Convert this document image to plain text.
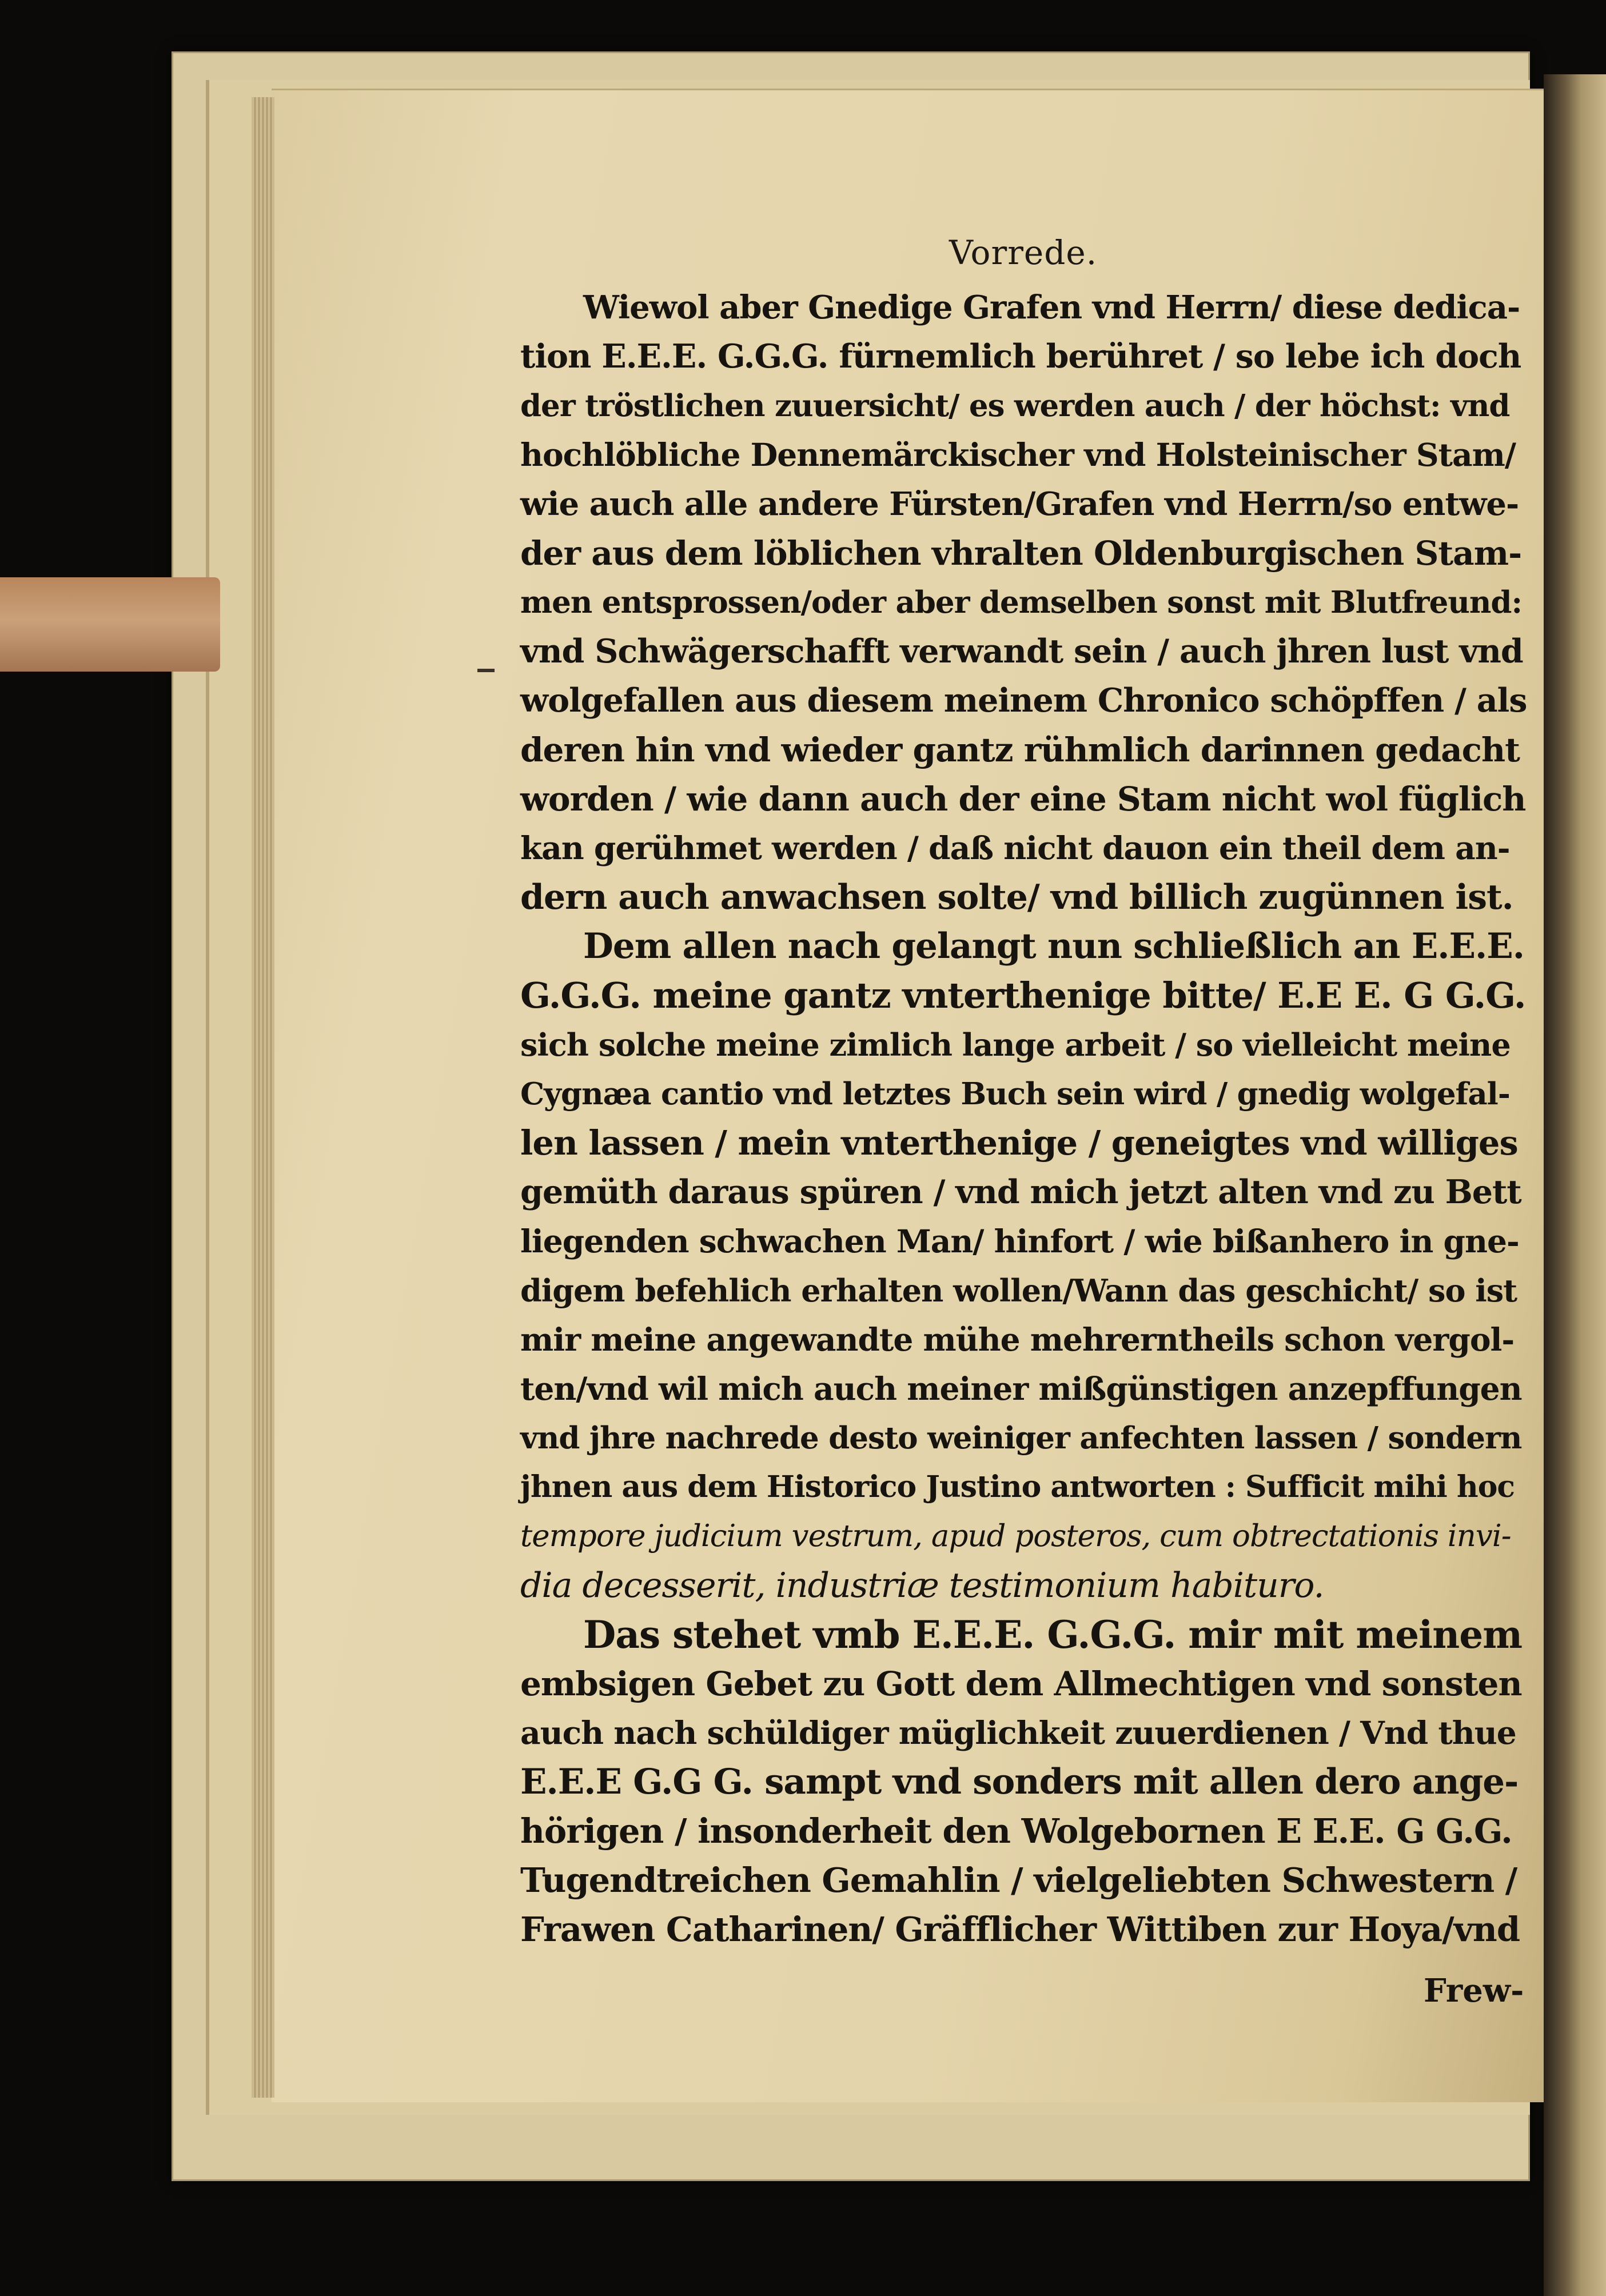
Vorrede.
Wiewol aber Gnedige Grafen vnd Herrn/ diese dedica-
tion E.E.E. G.G.G. fürnemlich berühret / so lebe ich doch
der tröstlichen zuuersicht/ es werden auch / der höchst: vnd
hochlöbliche Dennemärckischer vnd Holsteinischer Stam/
wie auch alle andere Fürsten/Grafen vnd Herrn/so entwe-
der aus dem löblichen vhralten Oldenburgischen Stam-
men entsprossen/oder aber demselben sonst mit Blutfreund:
vnd Schwägerschafft verwandt sein / auch jhren lust vnd
wolgefallen aus diesem meinem Chronico schöpffen / als
deren hin vnd wieder gantz rühmlich darinnen gedacht
worden / wie dann auch der eine Stam nicht wol füglich
kan gerühmet werden / daß nicht dauon ein theil dem an-
dern auch anwachsen solte/ vnd billich zugünnen ist.
Dem allen nach gelangt nun schließlich an E.E.E.
G.G.G. meine gantz vnterthenige bitte/ E.E E. G G.G.
sich solche meine zimlich lange arbeit / so vielleicht meine
Cygnæa cantio vnd letztes Buch sein wird / gnedig wolgefal-
len lassen / mein vnterthenige / geneigtes vnd williges
gemüth daraus spüren / vnd mich jetzt alten vnd zu Bett
liegenden schwachen Man/ hinfort / wie bißanhero in gne-
digem befehlich erhalten wollen/Wann das geschicht/ so ist
mir meine angewandte mühe mehrerntheils schon vergol-
ten/vnd wil mich auch meiner mißgünstigen anzepffungen
vnd jhre nachrede desto weiniger anfechten lassen / sondern
jhnen aus dem Historico Justino antworten : Sufficit mihi hoc
tempore judicium vestrum, apud posteros, cum obtrectationis invi-
dia decesserit, industriæ testimonium habituro.
Das stehet vmb E.E.E. G.G.G. mir mit meinem
embsigen Gebet zu Gott dem Allmechtigen vnd sonsten
auch nach schüldiger müglichkeit zuuerdienen / Vnd thue
E.E.E G.G G. sampt vnd sonders mit allen dero ange-
hörigen / insonderheit den Wolgebornen E E.E. G G.G.
Tugendtreichen Gemahlin / vielgeliebten Schwestern /
Frawen Catharinen/ Gräfflicher Wittiben zur Hoya/vnd
Frew-
